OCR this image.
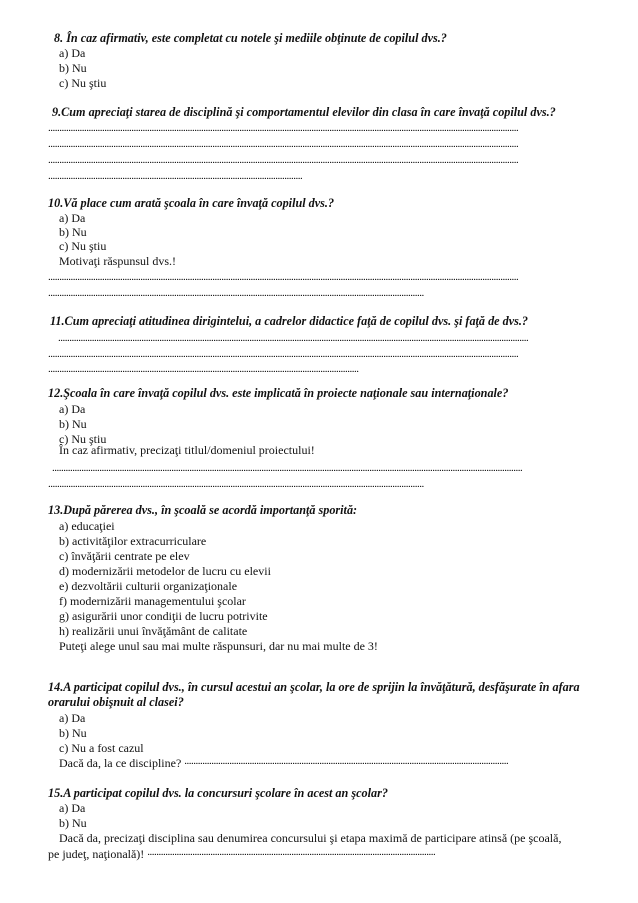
8. În caz afirmativ, este completat cu notele şi mediile obţinute de copilul dvs.?
a) Da
b) Nu
c) Nu ştiu
9.Cum apreciaţi starea de disciplină şi comportamentul elevilor din clasa în care învaţă copilul dvs.?
.................................................................................................................................................................................................................
.................................................................................................................................................................................................................
.................................................................................................................................................................................................................
.................................................................................................................
10.Vă place cum arată şcoala în care învaţă copilul dvs.?
a) Da
b) Nu
c) Nu ştiu
Motivaţi răspunsul dvs.!
.................................................................................................................................................................................................................
.......................................................................................................................................................................
11.Cum apreciaţi atitudinea dirigintelui, a cadrelor didactice faţă de copilul dvs. şi faţă de dvs.?
.................................................................................................................................................................................................................
.................................................................................................................................................................................................................
..........................................................................................................................................
12.Şcoala în care învaţă copilul dvs. este implicată în proiecte naţionale sau internaţionale?
a) Da
b) Nu
c) Nu ştiu
În caz afirmativ, precizaţi titlul/domeniul proiectului!
.................................................................................................................................................................................................................
.......................................................................................................................................................................
13.După părerea dvs., în şcoală se acordă importanţă sporită:
a) educaţiei
b) activităţilor extracurriculare
c) învăţării centrate pe elev
d) modernizării metodelor de lucru cu elevii
e) dezvoltării culturii organizaţionale
f) modernizării managementului şcolar
g) asigurării unor condiţii de lucru potrivite
h) realizării unui învăţământ de calitate
Puteţi alege unul sau mai multe răspunsuri, dar nu mai multe de 3!
14.A participat copilul dvs., în cursul acestui an şcolar, la ore de sprijin la învăţătură, desfăşurate în afara orarului obişnuit al clasei?
a) Da
b) Nu
c) Nu a fost cazul
Dacă da, la ce discipline? ................................................................................................................................................
15.A participat copilul dvs. la concursuri şcolare în acest an şcolar?
a) Da
b) Nu
Dacă da, precizaţi disciplina sau denumirea concursului şi etapa maximă de participare atinsă (pe şcoală,
pe judeţ, naţională)! ................................................................................................................................
